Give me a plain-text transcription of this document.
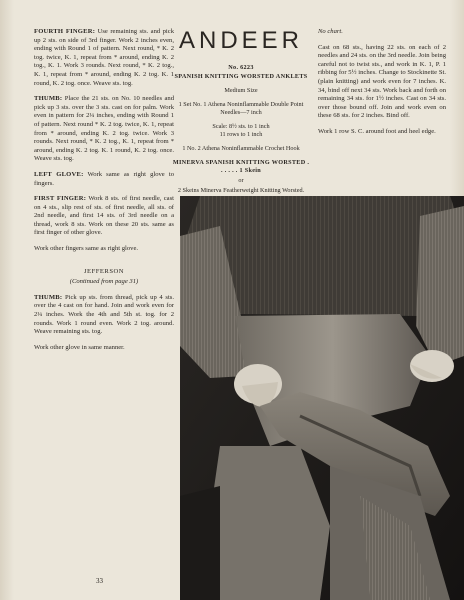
FOURTH FINGER: Use remaining sts. and pick up 2 sts. on side of 3rd finger. Work 2 inches even, ending with Round 1 of pattern. Next round, * K. 2 tog. twice, K. 1, repeat from * around, ending K. 2 tog., K. 1. Work 3 rounds. Next round, * K. 2 tog., K. 1, repeat from * around, ending K. 2 tog. K. 1 round, K. 2 tog. once. Weave sts. tog.

THUMB: Place the 21 sts. on No. 10 needles and pick up 3 sts. over the 3 sts. cast on for palm. Work even in pattern for 2¼ inches, ending with Round 1 of pattern. Next round * K. 2 tog. twice, K. 1, repeat from * around, ending K. 2 tog. twice. Work 3 rounds. Next round, * K. 2 tog., K. 1, repeat from * around, ending K. 2 tog. K. 1 round, K. 2 tog. once. Weave sts. tog.

LEFT GLOVE: Work same as right glove to fingers.

FIRST FINGER: Work 8 sts. of first needle, cast on 4 sts., slip rest of sts. of first needle, all sts. of 2nd needle, and first 14 sts. of 3rd needle on a thread, work 8 sts. Work on these 20 sts. same as first finger of other glove.

Work other fingers same as right glove.

JEFFERSON

(Continued from page 31)

THUMB: Pick up sts. from thread, pick up 4 sts. over the 4 cast on for hand. Join and work even for 2¼ inches. Work the 4th and 5th st. tog. for 2 rounds. Work 1 round even. Work 2 tog. around. Weave remaining sts. tog.

Work other glove in same manner.

ANDEER

No. 6223

SPANISH KNITTING WORSTED ANKLETS

Medium Size

1 Set No. 1 Athena Noninflammable Double Point Needles—7 inch

Scale: 8½ sts. to 1 inch

11 rows to 1 inch

1 No. 2 Athena Noninflammable Crochet Hook

MINERVA SPANISH KNITTING WORSTED . . . . . . 1 Skein

or

2 Skeins Minerva Featherweight Knitting Worsted.

No chart.

Cast on 68 sts., having 22 sts. on each of 2 needles and 24 sts. on the 3rd needle. Join being careful not to twist sts., and work in K. 1, P. 1 ribbing for 5½ inches. Change to Stockinette St. (plain knitting) and work even for 7 inches. K. 34, bind off next 34 sts. Work back and forth on remaining 34 sts. for 1½ inches. Cast on 34 sts. over those bound off. Join and work even on these 68 sts. for 2 inches. Bind off.

Work 1 row S. C. around foot and heel edge.

33
